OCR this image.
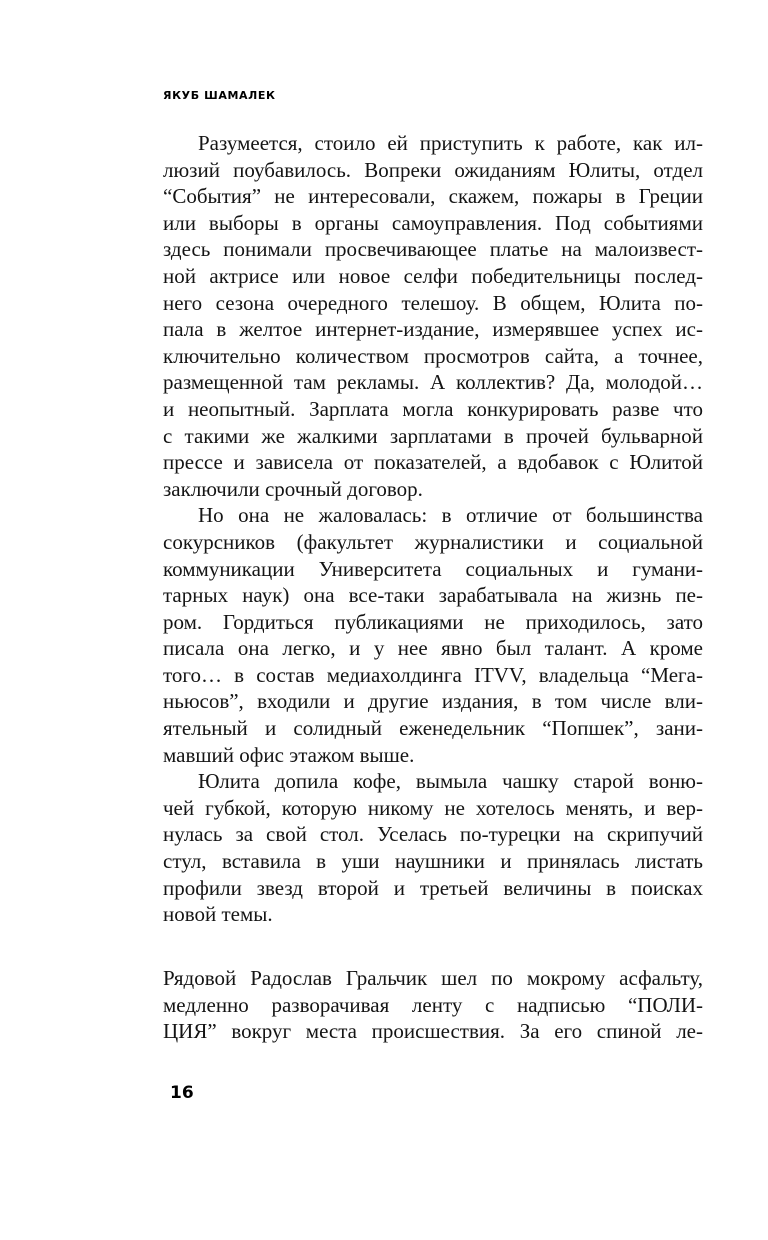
ЯКУБ ШАМАЛЕК
Разумеется, стоило ей приступить к работе, как ил-
люзий поубавилось. Вопреки ожиданиям Юлиты, отдел
“События” не интересовали, скажем, пожары в Греции
или выборы в органы самоуправления. Под событиями
здесь понимали просвечивающее платье на малоизвест-
ной актрисе или новое селфи победительницы послед-
него сезона очередного телешоу. В общем, Юлита по-
пала в желтое интернет-издание, измерявшее успех ис-
ключительно количеством просмотров сайта, а точнее,
размещенной там рекламы. А коллектив? Да, молодой…
и неопытный. Зарплата могла конкурировать разве что
с такими же жалкими зарплатами в прочей бульварной
прессе и зависела от показателей, а вдобавок с Юлитой
заключили срочный договор.
Но она не жаловалась: в отличие от большинства
сокурсников (факультет журналистики и социальной
коммуникации Университета социальных и гумани-
тарных наук) она все-таки зарабатывала на жизнь пе-
ром. Гордиться публикациями не приходилось, зато
писала она легко, и у нее явно был талант. А кроме
того… в состав медиахолдинга ITVV, владельца “Мега-
ньюсов”, входили и другие издания, в том числе вли-
ятельный и солидный еженедельник “Попшек”, зани-
мавший офис этажом выше.
Юлита допила кофе, вымыла чашку старой воню-
чей губкой, которую никому не хотелось менять, и вер-
нулась за свой стол. Уселась по-турецки на скрипучий
стул, вставила в уши наушники и принялась листать
профили звезд второй и третьей величины в поисках
новой темы.
Рядовой Радослав Гральчик шел по мокрому асфальту,
медленно разворачивая ленту с надписью “ПОЛИ-
ЦИЯ” вокруг места происшествия. За его спиной ле-
16
